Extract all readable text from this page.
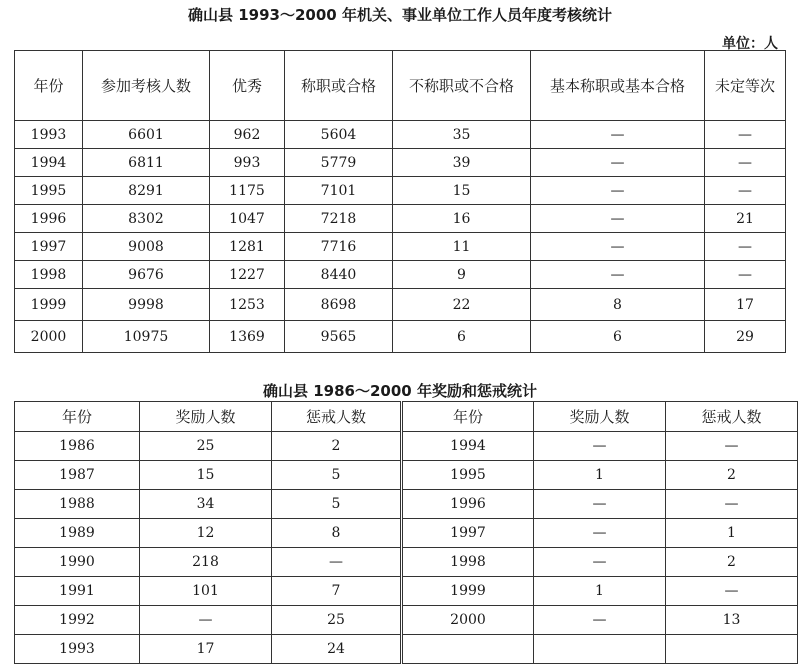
确山县 1993～2000 年机关、事业单位工作人员年度考核统计
单位：人
年份	参加考核人数	优秀	称职或合格	不称职或不合格	基本称职或基本合格	未定等次
1993	6601	962	5604	35	—	—
1994	6811	993	5779	39	—	—
1995	8291	1175	7101	15	—	—
1996	8302	1047	7218	16	—	21
1997	9008	1281	7716	11	—	—
1998	9676	1227	8440	9	—	—
1999	9998	1253	8698	22	8	17
2000	10975	1369	9565	6	6	29
确山县 1986～2000 年奖励和惩戒统计
年份	奖励人数	惩戒人数	年份	奖励人数	惩戒人数
1986	25	2	1994	—	—
1987	15	5	1995	1	2
1988	34	5	1996	—	—
1989	12	8	1997	—	1
1990	218	—	1998	—	2
1991	101	7	1999	1	—
1992	—	25	2000	—	13
1993	17	24			
